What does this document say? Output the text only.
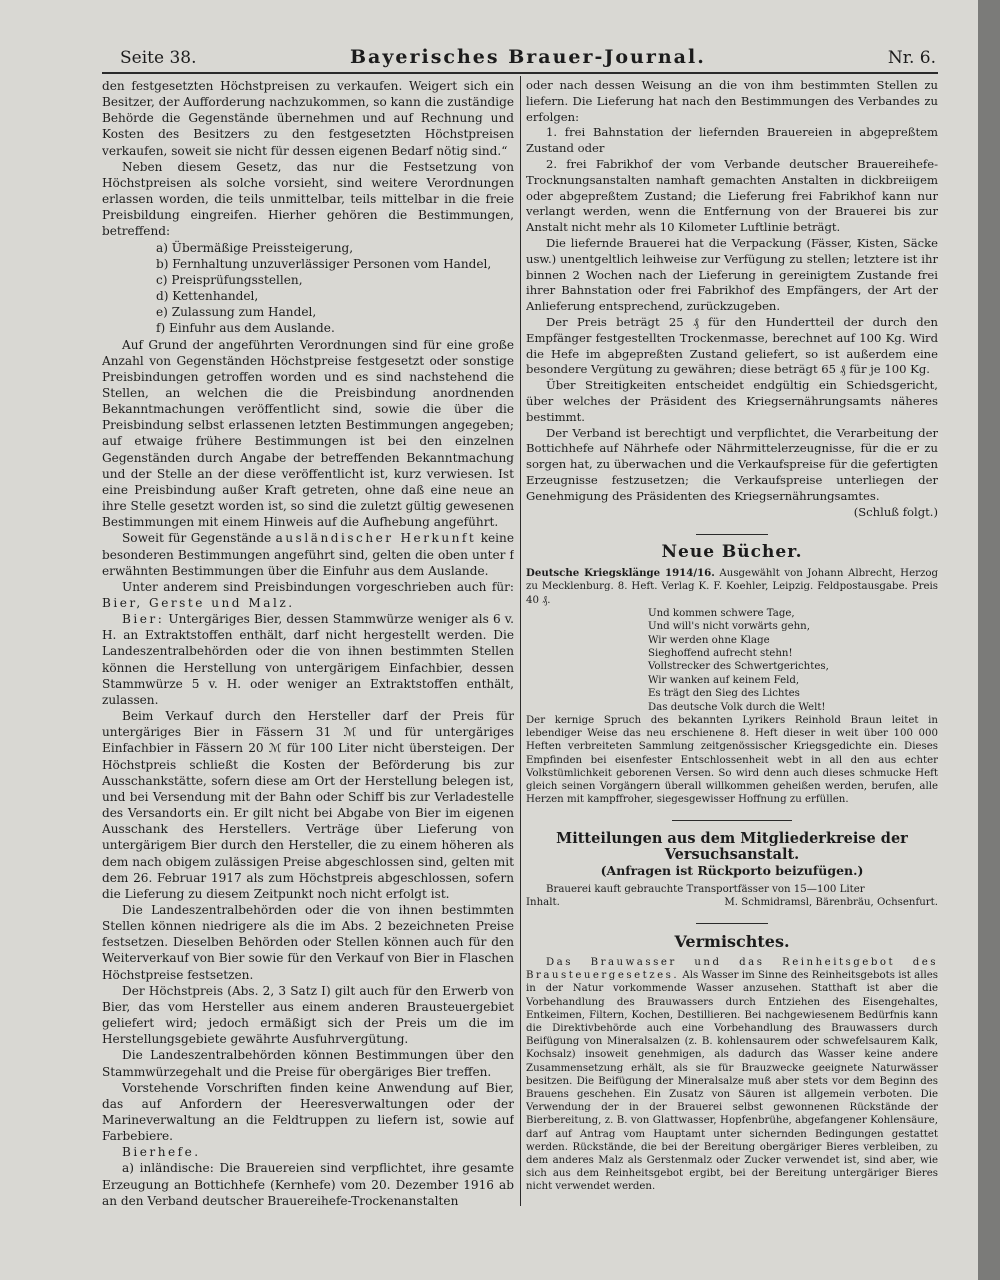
Seite 38.	Bayerisches Brauer-Journal.	Nr. 6.

den festgesetzten Höchstpreisen zu verkaufen. Weigert sich ein Besitzer, der Aufforderung nachzukommen, so kann die zuständige Behörde die Gegenstände übernehmen und auf Rechnung und Kosten des Besitzers zu den festgesetzten Höchstpreisen verkaufen, soweit sie nicht für dessen eigenen Bedarf nötig sind.“

Neben diesem Gesetz, das nur die Festsetzung von Höchstpreisen als solche vorsieht, sind weitere Verordnungen erlassen worden, die teils unmittelbar, teils mittelbar in die freie Preisbildung eingreifen. Hierher gehören die Bestimmungen, betreffend:

a) Übermäßige Preissteigerung,

b) Fernhaltung unzuverlässiger Personen vom Handel,

c) Preisprüfungsstellen,

d) Kettenhandel,

e) Zulassung zum Handel,

f) Einfuhr aus dem Auslande.

Auf Grund der angeführten Verordnungen sind für eine große Anzahl von Gegenständen Höchstpreise festgesetzt oder sonstige Preisbindungen getroffen worden und es sind nachstehend die Stellen, an welchen die die Preisbindung anordnenden Bekanntmachungen veröffentlicht sind, sowie die über die Preisbindung selbst erlassenen letzten Bestimmungen angegeben; auf etwaige frühere Bestimmungen ist bei den einzelnen Gegenständen durch Angabe der betreffenden Bekanntmachung und der Stelle an der diese veröffentlicht ist, kurz verwiesen. Ist eine Preisbindung außer Kraft getreten, ohne daß eine neue an ihre Stelle gesetzt worden ist, so sind die zuletzt gültig gewesenen Bestimmungen mit einem Hinweis auf die Aufhebung angeführt.

Soweit für Gegenstände ausländischer Herkunft keine besonderen Bestimmungen angeführt sind, gelten die oben unter f erwähnten Bestimmungen über die Einfuhr aus dem Auslande.

Unter anderem sind Preisbindungen vorgeschrieben auch für: Bier, Gerste und Malz.

Bier: Untergäriges Bier, dessen Stammwürze weniger als 6 v. H. an Extraktstoffen enthält, darf nicht hergestellt werden. Die Landeszentralbehörden oder die von ihnen bestimmten Stellen können die Herstellung von untergärigem Einfachbier, dessen Stammwürze 5 v. H. oder weniger an Extraktstoffen enthält, zulassen.

Beim Verkauf durch den Hersteller darf der Preis für untergäriges Bier in Fässern 31 ℳ und für untergäriges Einfachbier in Fässern 20 ℳ für 100 Liter nicht übersteigen. Der Höchstpreis schließt die Kosten der Beförderung bis zur Ausschankstätte, sofern diese am Ort der Herstellung belegen ist, und bei Versendung mit der Bahn oder Schiff bis zur Verladestelle des Versandorts ein. Er gilt nicht bei Abgabe von Bier im eigenen Ausschank des Herstellers. Verträge über Lieferung von untergärigem Bier durch den Hersteller, die zu einem höheren als dem nach obigem zulässigen Preise abgeschlossen sind, gelten mit dem 26. Februar 1917 als zum Höchstpreis abgeschlossen, sofern die Lieferung zu diesem Zeitpunkt noch nicht erfolgt ist.

Die Landeszentralbehörden oder die von ihnen bestimmten Stellen können niedrigere als die im Abs. 2 bezeichneten Preise festsetzen. Dieselben Behörden oder Stellen können auch für den Weiterverkauf von Bier sowie für den Verkauf von Bier in Flaschen Höchstpreise festsetzen.

Der Höchstpreis (Abs. 2, 3 Satz I) gilt auch für den Erwerb von Bier, das vom Hersteller aus einem anderen Brausteuergebiet geliefert wird; jedoch ermäßigt sich der Preis um die im Herstellungsgebiete gewährte Ausfuhrvergütung.

Die Landeszentralbehörden können Bestimmungen über den Stammwürzegehalt und die Preise für obergäriges Bier treffen.

Vorstehende Vorschriften finden keine Anwendung auf Bier, das auf Anfordern der Heeresverwaltungen oder der Marineverwaltung an die Feldtruppen zu liefern ist, sowie auf Farbebiere.

Bierhefe.

a) inländische: Die Brauereien sind verpflichtet, ihre gesamte Erzeugung an Bottichhefe (Kernhefe) vom 20. Dezember 1916 ab an den Verband deutscher Brauereihefe-Trockenanstalten

oder nach dessen Weisung an die von ihm bestimmten Stellen zu liefern. Die Lieferung hat nach den Bestimmungen des Verbandes zu erfolgen:

1. frei Bahnstation der liefernden Brauereien in abgepreßtem Zustand oder

2. frei Fabrikhof der vom Verbande deutscher Brauereihefe-Trocknungsanstalten namhaft gemachten Anstalten in dickbreiigem oder abgepreßtem Zustand; die Lieferung frei Fabrikhof kann nur verlangt werden, wenn die Entfernung von der Brauerei bis zur Anstalt nicht mehr als 10 Kilometer Luftlinie beträgt.

Die liefernde Brauerei hat die Verpackung (Fässer, Kisten, Säcke usw.) unentgeltlich leihweise zur Verfügung zu stellen; letztere ist ihr binnen 2 Wochen nach der Lieferung in gereinigtem Zustande frei ihrer Bahnstation oder frei Fabrikhof des Empfängers, der Art der Anlieferung entsprechend, zurückzugeben.

Der Preis beträgt 25 ₰ für den Hundertteil der durch den Empfänger festgestellten Trockenmasse, berechnet auf 100 Kg. Wird die Hefe im abgepreßten Zustand geliefert, so ist außerdem eine besondere Vergütung zu gewähren; diese beträgt 65 ₰ für je 100 Kg.

Über Streitigkeiten entscheidet endgültig ein Schiedsgericht, über welches der Präsident des Kriegsernährungsamts näheres bestimmt.

Der Verband ist berechtigt und verpflichtet, die Verarbeitung der Bottichhefe auf Nährhefe oder Nährmittelerzeugnisse, für die er zu sorgen hat, zu überwachen und die Verkaufspreise für die gefertigten Erzeugnisse festzusetzen; die Verkaufspreise unterliegen der Genehmigung des Präsidenten des Kriegsernährungsamtes.

(Schluß folgt.)

Neue Bücher.

Deutsche Kriegsklänge 1914/16. Ausgewählt von Johann Albrecht, Herzog zu Mecklenburg. 8. Heft. Verlag K. F. Koehler, Leipzig. Feldpostausgabe. Preis 40 ₰.

Und kommen schwere Tage,
Und will's nicht vorwärts gehn,
Wir werden ohne Klage
Sieghoffend aufrecht stehn!
Vollstrecker des Schwertgerichtes,
Wir wanken auf keinem Feld,
Es trägt den Sieg des Lichtes
Das deutsche Volk durch die Welt!

Der kernige Spruch des bekannten Lyrikers Reinhold Braun leitet in lebendiger Weise das neu erschienene 8. Heft dieser in weit über 100 000 Heften verbreiteten Sammlung zeitgenössischer Kriegsgedichte ein. Dieses Empfinden bei eisenfester Entschlossenheit webt in all den aus echter Volkstümlichkeit geborenen Versen. So wird denn auch dieses schmucke Heft gleich seinen Vorgängern überall willkommen geheißen werden, berufen, alle Herzen mit kampffroher, siegesgewisser Hoffnung zu erfüllen.

Mitteilungen aus dem Mitgliederkreise der Versuchsanstalt.
(Anfragen ist Rückporto beizufügen.)

Brauerei kauft gebrauchte Transportfässer von 15—100 Liter

Inhalt.	M. Schmidramsl, Bärenbräu, Ochsenfurt.
Vermischtes.

Das Brauwasser und das Reinheitsgebot des Brausteuergesetzes. Als Wasser im Sinne des Reinheitsgebots ist alles in der Natur vorkommende Wasser anzusehen. Statthaft ist aber die Vorbehandlung des Brauwassers durch Entziehen des Eisengehaltes, Entkeimen, Filtern, Kochen, Destillieren. Bei nachgewiesenem Bedürfnis kann die Direktivbehörde auch eine Vorbehandlung des Brauwassers durch Beifügung von Mineralsalzen (z. B. kohlensaurem oder schwefelsaurem Kalk, Kochsalz) insoweit genehmigen, als dadurch das Wasser keine andere Zusammensetzung erhält, als sie für Brauzwecke geeignete Naturwässer besitzen. Die Beifügung der Mineralsalze muß aber stets vor dem Beginn des Brauens geschehen. Ein Zusatz von Säuren ist allgemein verboten. Die Verwendung der in der Brauerei selbst gewonnenen Rückstände der Bierbereitung, z. B. von Glattwasser, Hopfenbrühe, abgefangener Kohlensäure, darf auf Antrag vom Hauptamt unter sichernden Bedingungen gestattet werden. Rückstände, die bei der Bereitung obergäriger Bieres verbleiben, zu dem anderes Malz als Gerstenmalz oder Zucker verwendet ist, sind aber, wie sich aus dem Reinheitsgebot ergibt, bei der Bereitung untergäriger Bieres nicht verwendet werden.
